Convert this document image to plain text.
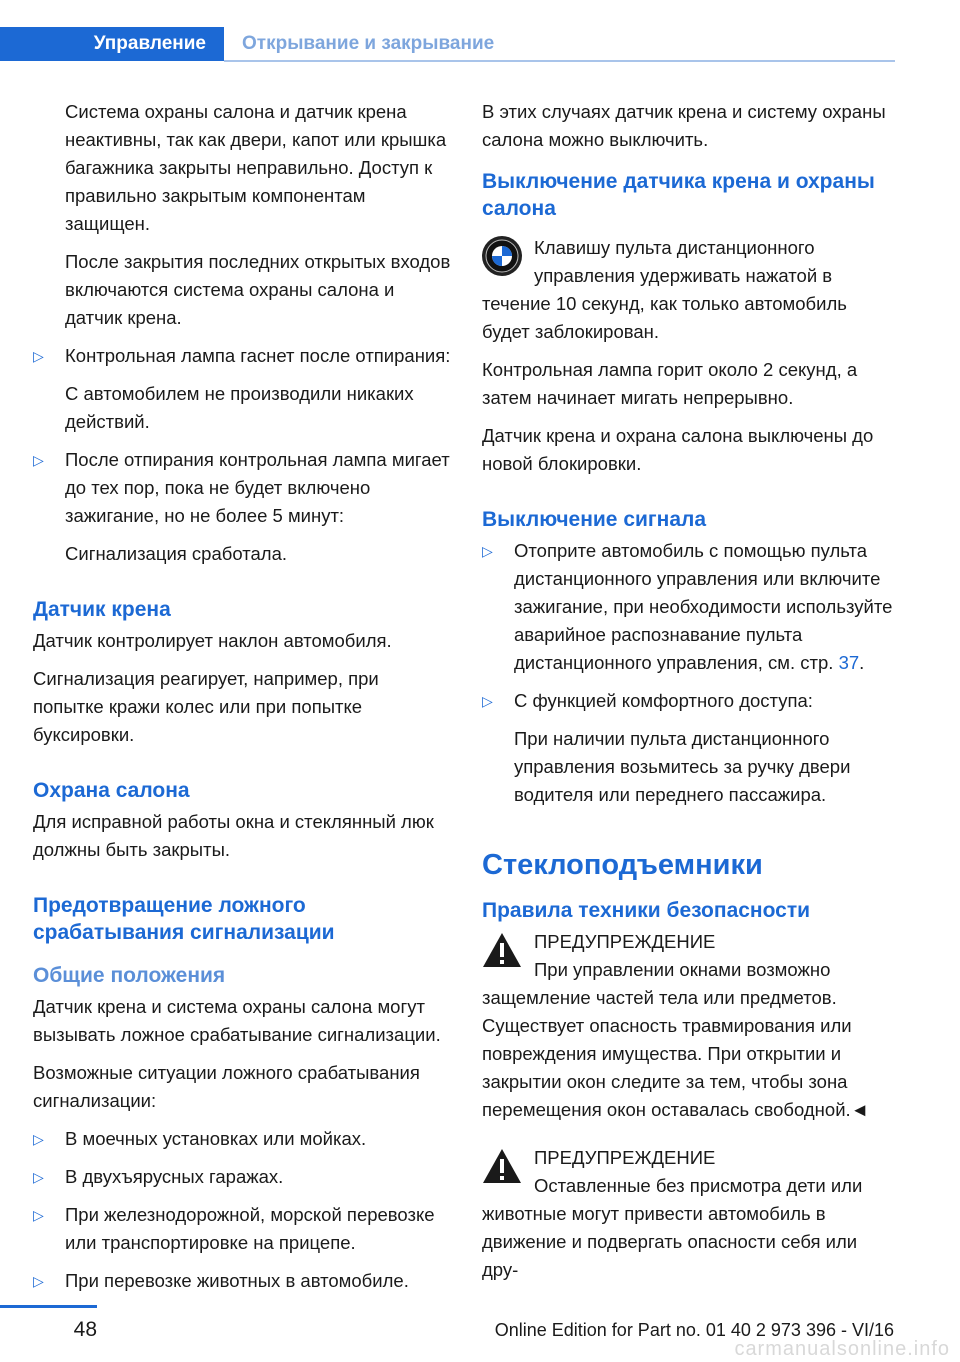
Управление Открывание и закрывание

Система охраны салона и датчик крена неактивны, так как двери, капот или крышка багажника закрыты неправильно. Доступ к правильно закрытым компонентам защищен.

После закрытия последних открытых входов включаются система охраны салона и датчик крена.

▷ Контрольная лампа гаснет после отпирания:

С автомобилем не производили никаких действий.

▷ После отпирания контрольная лампа мигает до тех пор, пока не будет включено зажигание, но не более 5 минут:

Сигнализация сработала.

Датчик крена

Датчик контролирует наклон автомобиля.

Сигнализация реагирует, например, при попытке кражи колес или при попытке буксировки.

Охрана салона

Для исправной работы окна и стеклянный люк должны быть закрыты.

Предотвращение ложного срабатывания сигнализации
Общие положения

Датчик крена и система охраны салона могут вызывать ложное срабатывание сигнализации.

Возможные ситуации ложного срабатывания сигнализации:

▷ В моечных установках или мойках.
▷ В двухъярусных гаражах.
▷ При железнодорожной, морской перевозке или транспортировке на прицепе.
▷ При перевозке животных в автомобиле.

В этих случаях датчик крена и систему охраны салона можно выключить.

Выключение датчика крена и охраны салона

Клавишу пульта дистанционного управления удерживать нажатой в течение 10 секунд, как только автомобиль будет заблокирован.

Контрольная лампа горит около 2 секунд, а затем начинает мигать непрерывно.

Датчик крена и охрана салона выключены до новой блокировки.

Выключение сигнала
▷ Отоприте автомобиль с помощью пульта дистанционного управления или включите зажигание, при необходимости используйте аварийное распознавание пульта дистанционного управления, см. стр. 37.
▷ С функцией комфортного доступа:

При наличии пульта дистанционного управления возьмитесь за ручку двери водителя или переднего пассажира.

Стеклоподъемники
Правила техники безопасности
ПРЕДУПРЕЖДЕНИЕ
При управлении окнами возможно защемление частей тела или предметов. Существует опасность травмирования или повреждения имущества. При открытии и закрытии окон следите за тем, чтобы зона перемещения окон оставалась свободной.◄
ПРЕДУПРЕЖДЕНИЕ
Оставленные без присмотра дети или животные могут привести автомобиль в движение и подвергать опасности себя или дру-
48	Online Edition for Part no. 01 40 2 973 396 - VI/16
carmanualsonline.info
